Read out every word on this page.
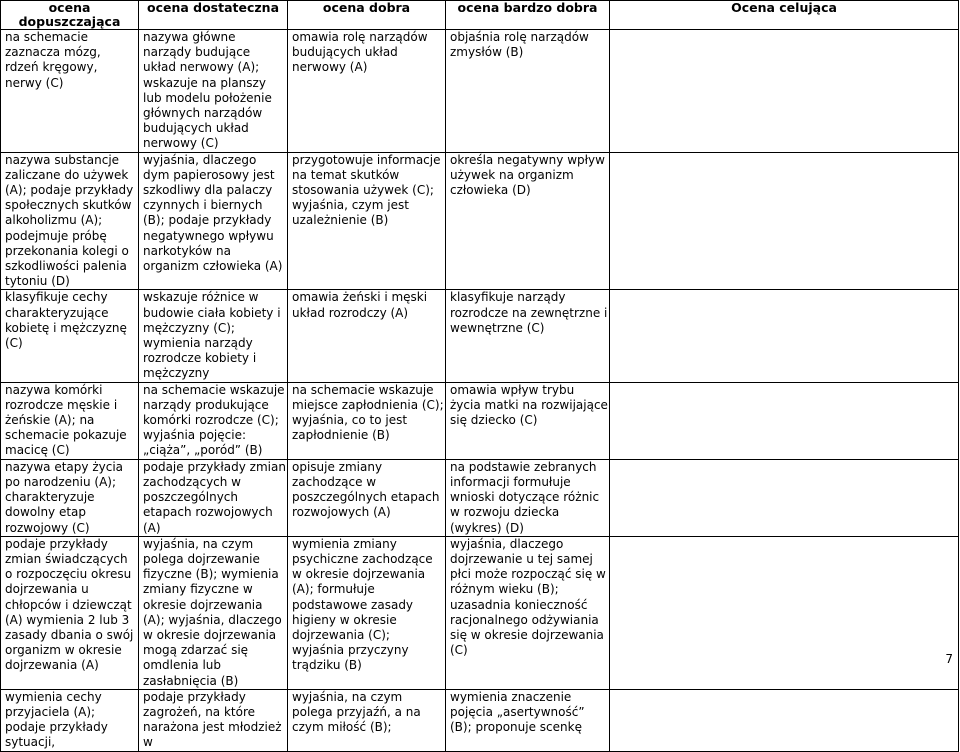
ocena dopuszczająca	ocena dostateczna	ocena dobra	ocena bardzo dobra	Ocena celująca
na schemacie zaznacza mózg, rdzeń kręgowy, nerwy (C)	nazywa główne narządy budujące układ nerwowy (A); wskazuje na planszy lub modelu położenie głównych narządów budujących układ nerwowy (C)	omawia rolę narządów budujących układ nerwowy (A)	objaśnia rolę narządów zmysłów (B)	
nazywa substancje zaliczane do używek (A); podaje przykłady społecznych skutków alkoholizmu (A); podejmuje próbę przekonania kolegi o szkodliwości palenia tytoniu (D)	wyjaśnia, dlaczego dym papierosowy jest szkodliwy dla palaczy czynnych i biernych (B); podaje przykłady negatywnego wpływu narkotyków na organizm człowieka (A)	przygotowuje informacje na temat skutków stosowania używek (C); wyjaśnia, czym jest uzależnienie (B)	określa negatywny wpływ używek na organizm człowieka (D)	
klasyfikuje cechy charakteryzujące kobietę i mężczyznę (C)	wskazuje różnice w budowie ciała kobiety i mężczyzny (C); wymienia narządy rozrodcze kobiety i mężczyzny	omawia żeński i męski układ rozrodczy (A)	klasyfikuje narządy rozrodcze na zewnętrzne i wewnętrzne (C)	
nazywa komórki rozrodcze męskie i żeńskie (A); na schemacie pokazuje macicę (C)	na schemacie wskazuje narządy produkujące komórki rozrodcze (C); wyjaśnia pojęcie: „ciąża”, „poród” (B)	na schemacie wskazuje miejsce zapłodnienia (C); wyjaśnia, co to jest zapłodnienie (B)	omawia wpływ trybu życia matki na rozwijające się dziecko (C)	
nazywa etapy życia po narodzeniu (A); charakteryzuje dowolny etap rozwojowy (C)	podaje przykłady zmian zachodzących w poszczególnych etapach rozwojowych (A)	opisuje zmiany zachodzące w poszczególnych etapach rozwojowych (A)	na podstawie zebranych informacji formułuje wnioski dotyczące różnic w rozwoju dziecka (wykres) (D)	
podaje przykłady zmian świadczących o rozpoczęciu okresu dojrzewania u chłopców i dziewcząt (A) wymienia 2 lub 3 zasady dbania o swój organizm w okresie dojrzewania (A)	wyjaśnia, na czym polega dojrzewanie fizyczne (B); wymienia zmiany fizyczne w okresie dojrzewania (A); wyjaśnia, dlaczego w okresie dojrzewania mogą zdarzać się omdlenia lub zasłabnięcia (B)	wymienia zmiany psychiczne zachodzące w okresie dojrzewania (A); formułuje podstawowe zasady higieny w okresie dojrzewania (C); wyjaśnia przyczyny trądziku (B)	wyjaśnia, dlaczego dojrzewanie u tej samej płci może rozpocząć się w różnym wieku (B); uzasadnia konieczność racjonalnego odżywiania się w okresie dojrzewania (C)	
wymienia cechy przyjaciela (A); podaje przykłady sytuacji,	podaje przykłady zagrożeń, na które narażona jest młodzież w	wyjaśnia, na czym polega przyjaźń, a na czym miłość (B);	wymienia znaczenie pojęcia „asertywność” (B); proponuje scenkę	
7
